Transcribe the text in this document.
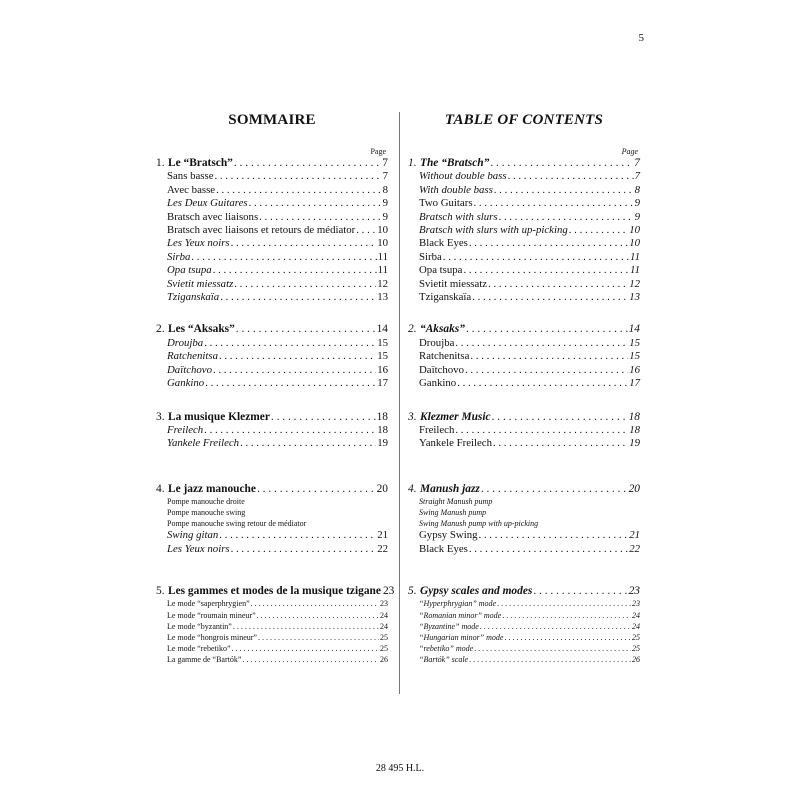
5
SOMMAIRE
Page
1. Le “Bratsch” . . .	7
Sans basse . . .	7
Avec basse . . .	8
Les Deux Guitares . . .	9
Bratsch avec liaisons . . .	9
Bratsch avec liaisons et retours de médiator . . . 10
Les Yeux noirs . . .	10
Sirba . . .	11
Opa tsupa . . .	11
Svietit miessatz . . .	12
Tziganskaïa . . .	13
2. Les “Aksaks” . . .	14
Droujba . . .	15
Ratchenitsa . . .	15
Daïtchovo . . .	16
Gankino . . .	17
3. La musique Klezmer . . .	18
Freilech . . .	18
Yankele Freilech . . .	19
4. Le jazz manouche . . .	20
Pompe manouche droite
Pompe manouche swing
Pompe manouche swing retour de médiator
Swing gitan . . .	21
Les Yeux noirs . . .	22
5. Les gammes et modes de la musique tzigane 23
Le mode “saperphrygien” . . .	23
Le mode “roumain mineur” . . .	24
Le mode “byzantin” . . .	24
Le mode “hongrois mineur” . . .	25
Le mode “rebetiko” . . .	25
La gamme de “Bartók” . . .	26
TABLE OF CONTENTS
Page
1. The “Bratsch” . . .	7
Without double bass . . .	7
With double bass . . .	8
Two Guitars . . .	9
Bratsch with slurs . . .	9
Bratsch with slurs with up-picking . . .	10
Black Eyes . . .	10
Sirba . . .	11
Opa tsupa . . .	11
Svietit miessatz . . .	12
Tziganskaïa . . .	13
2. “Aksaks” . . .	14
Droujba . . .	15
Ratchenitsa . . .	15
Daïtchovo . . .	16
Gankino . . .	17
3. Klezmer Music . . .	18
Freilech . . .	18
Yankele Freilech . . .	19
4. Manush jazz . . .	20
Straight Manush pump
Swing Manush pump
Swing Manush pump with up-picking
Gypsy Swing . . .	21
Black Eyes . . .	22
5. Gypsy scales and modes . . .	23
“Hyperphrygian” mode . . .	23
“Romanian minor” mode . . .	24
“Byzantine” mode . . .	24
“Hungarian minor” mode . . .	25
“rebetiko” mode . . .	25
“Bartók” scale . . .	26
28 495 H.L.
